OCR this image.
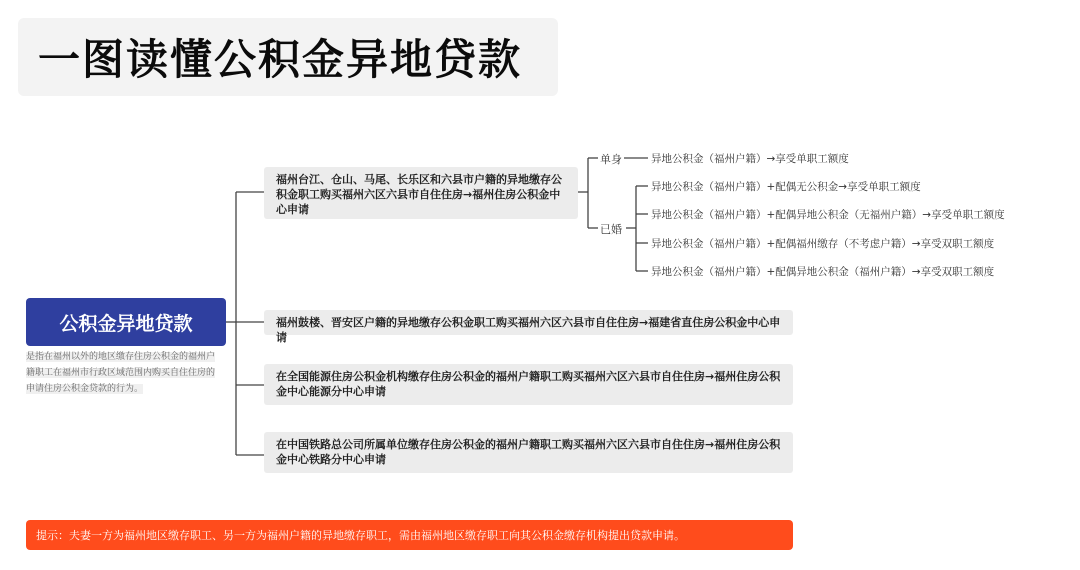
一图读懂公积金异地贷款
公积金异地贷款
是指在福州以外的地区缴存住房公积金的福州户籍职工在福州市行政区域范围内购买自住住房的申请住房公积金贷款的行为。
福州台江、仓山、马尾、长乐区和六县市户籍的异地缴存公积金职工购买福州六区六县市自住住房→福州住房公积金中心申请
福州鼓楼、晋安区户籍的异地缴存公积金职工购买福州六区六县市自住住房→福建省直住房公积金中心申请
在全国能源住房公积金机构缴存住房公积金的福州户籍职工购买福州六区六县市自住住房→福州住房公积金中心能源分中心申请
在中国铁路总公司所属单位缴存住房公积金的福州户籍职工购买福州六区六县市自住住房→福州住房公积金中心铁路分中心申请
单身
已婚
异地公积金（福州户籍）→享受单职工额度
异地公积金（福州户籍）+配偶无公积金→享受单职工额度
异地公积金（福州户籍）+配偶异地公积金（无福州户籍）→享受单职工额度
异地公积金（福州户籍）+配偶福州缴存（不考虑户籍）→享受双职工额度
异地公积金（福州户籍）+配偶异地公积金（福州户籍）→享受双职工额度
提示：夫妻一方为福州地区缴存职工、另一方为福州户籍的异地缴存职工，需由福州地区缴存职工向其公积金缴存机构提出贷款申请。
